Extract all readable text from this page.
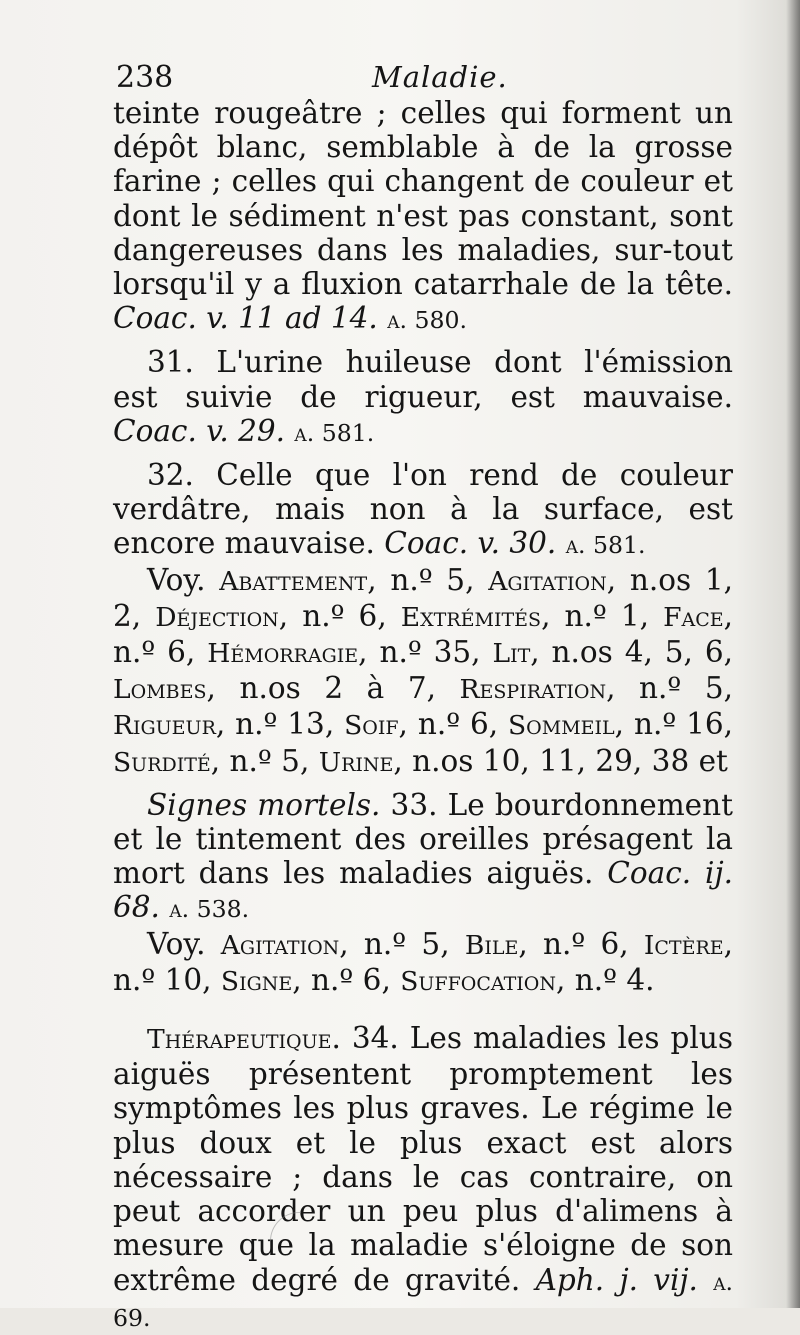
238	Maladie.

teinte rougeâtre ; celles qui forment un dépôt blanc, semblable à de la grosse farine ; celles qui changent de couleur et dont le sédiment n'est pas constant, sont dangereuses dans les maladies, sur-tout lorsqu'il y a fluxion catarrhale de la tête. Coac. v. 11 ad 14. a. 580.

31. L'urine huileuse dont l'émission est suivie de rigueur, est mauvaise. Coac. v. 29. a. 581.

32. Celle que l'on rend de couleur verdâtre, mais non à la surface, est encore mauvaise. Coac. v. 30. a. 581.

Voy. Abattement, n.º 5, Agitation, n.os 1, 2, Déjection, n.º 6, Extrémités, n.º 1, Face, n.º 6, Hémorragie, n.º 35, Lit, n.os 4, 5, 6, Lombes, n.os 2 à 7, Respiration, n.º 5, Rigueur, n.º 13, Soif, n.º 6, Sommeil, n.º 16, Surdité, n.º 5, Urine, n.os 10, 11, 29, 38 et

Signes mortels. 33. Le bourdonnement et le tintement des oreilles présagent la mort dans les maladies aiguës. Coac. ij. 68. a. 538.

Voy. Agitation, n.º 5, Bile, n.º 6, Ictère, n.º 10, Signe, n.º 6, Suffocation, n.º 4.

Thérapeutique. 34. Les maladies les plus aiguës présentent promptement les symptômes les plus graves. Le régime le plus doux et le plus exact est alors nécessaire ; dans le cas contraire, on peut accorder un peu plus d'alimens à mesure que la maladie s'éloigne de son extrême degré de gravité. Aph. j. vij. a. 69.
